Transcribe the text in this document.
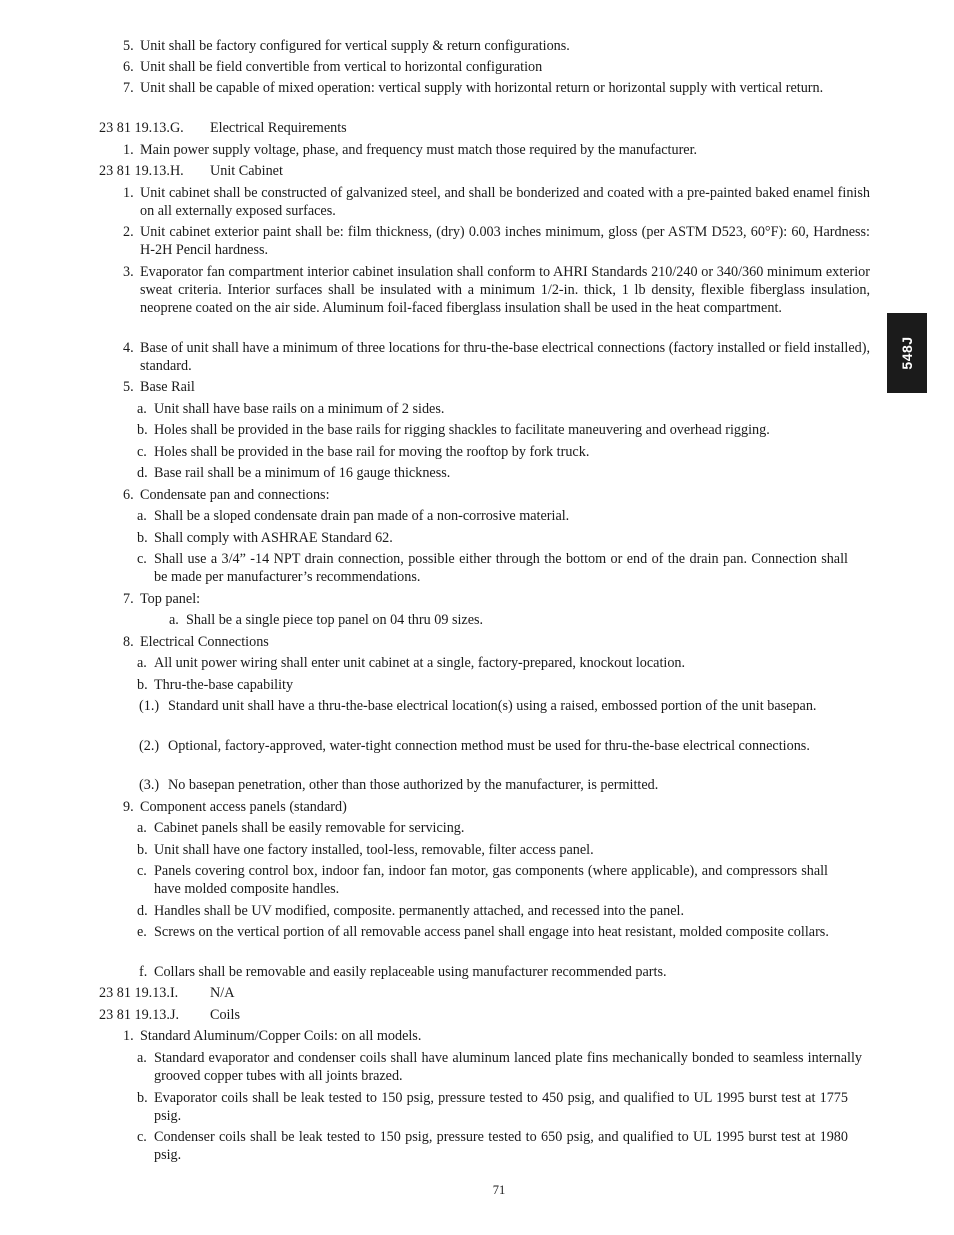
5. Unit shall be factory configured for vertical supply & return configurations.
6. Unit shall be field convertible from vertical to horizontal configuration
7. Unit shall be capable of mixed operation: vertical supply with horizontal return or horizontal supply with vertical return.
23 81 19.13.G. Electrical Requirements
1. Main power supply voltage, phase, and frequency must match those required by the manufacturer.
23 81 19.13.H. Unit Cabinet
1. Unit cabinet shall be constructed of galvanized steel, and shall be bonderized and coated with a pre-painted baked enamel finish on all externally exposed surfaces.
2. Unit cabinet exterior paint shall be: film thickness, (dry) 0.003 inches minimum, gloss (per ASTM D523, 60°F): 60, Hardness: H-2H Pencil hardness.
3. Evaporator fan compartment interior cabinet insulation shall conform to AHRI Standards 210/240 or 340/360 minimum exterior sweat criteria. Interior surfaces shall be insulated with a minimum 1/2-in. thick, 1 lb density, flexible fiberglass insulation, neoprene coated on the air side. Aluminum foil-faced fiberglass insulation shall be used in the heat compartment.
4. Base of unit shall have a minimum of three locations for thru-the-base electrical connections (factory installed or field installed), standard.
5. Base Rail
a. Unit shall have base rails on a minimum of 2 sides.
b. Holes shall be provided in the base rails for rigging shackles to facilitate maneuvering and overhead rigging.
c. Holes shall be provided in the base rail for moving the rooftop by fork truck.
d. Base rail shall be a minimum of 16 gauge thickness.
6. Condensate pan and connections:
a. Shall be a sloped condensate drain pan made of a non-corrosive material.
b. Shall comply with ASHRAE Standard 62.
c. Shall use a 3/4” -14 NPT drain connection, possible either through the bottom or end of the drain pan. Connection shall be made per manufacturer’s recommendations.
7. Top panel:
a. Shall be a single piece top panel on 04 thru 09 sizes.
8. Electrical Connections
a. All unit power wiring shall enter unit cabinet at a single, factory-prepared, knockout location.
b. Thru-the-base capability
(1.) Standard unit shall have a thru-the-base electrical location(s) using a raised, embossed portion of the unit basepan.
(2.) Optional, factory-approved, water-tight connection method must be used for thru-the-base electrical connections.
(3.) No basepan penetration, other than those authorized by the manufacturer, is permitted.
9. Component access panels (standard)
a. Cabinet panels shall be easily removable for servicing.
b. Unit shall have one factory installed, tool-less, removable, filter access panel.
c. Panels covering control box, indoor fan, indoor fan motor, gas components (where applicable), and compressors shall have molded composite handles.
d. Handles shall be UV modified, composite. permanently attached, and recessed into the panel.
e. Screws on the vertical portion of all removable access panel shall engage into heat resistant, molded composite collars.
f. Collars shall be removable and easily replaceable using manufacturer recommended parts.
23 81 19.13.I. N/A
23 81 19.13.J. Coils
1. Standard Aluminum/Copper Coils: on all models.
a. Standard evaporator and condenser coils shall have aluminum lanced plate fins mechanically bonded to seamless internally grooved copper tubes with all joints brazed.
b. Evaporator coils shall be leak tested to 150 psig, pressure tested to 450 psig, and qualified to UL 1995 burst test at 1775 psig.
c. Condenser coils shall be leak tested to 150 psig, pressure tested to 650 psig, and qualified to UL 1995 burst test at 1980 psig.
548J
71
